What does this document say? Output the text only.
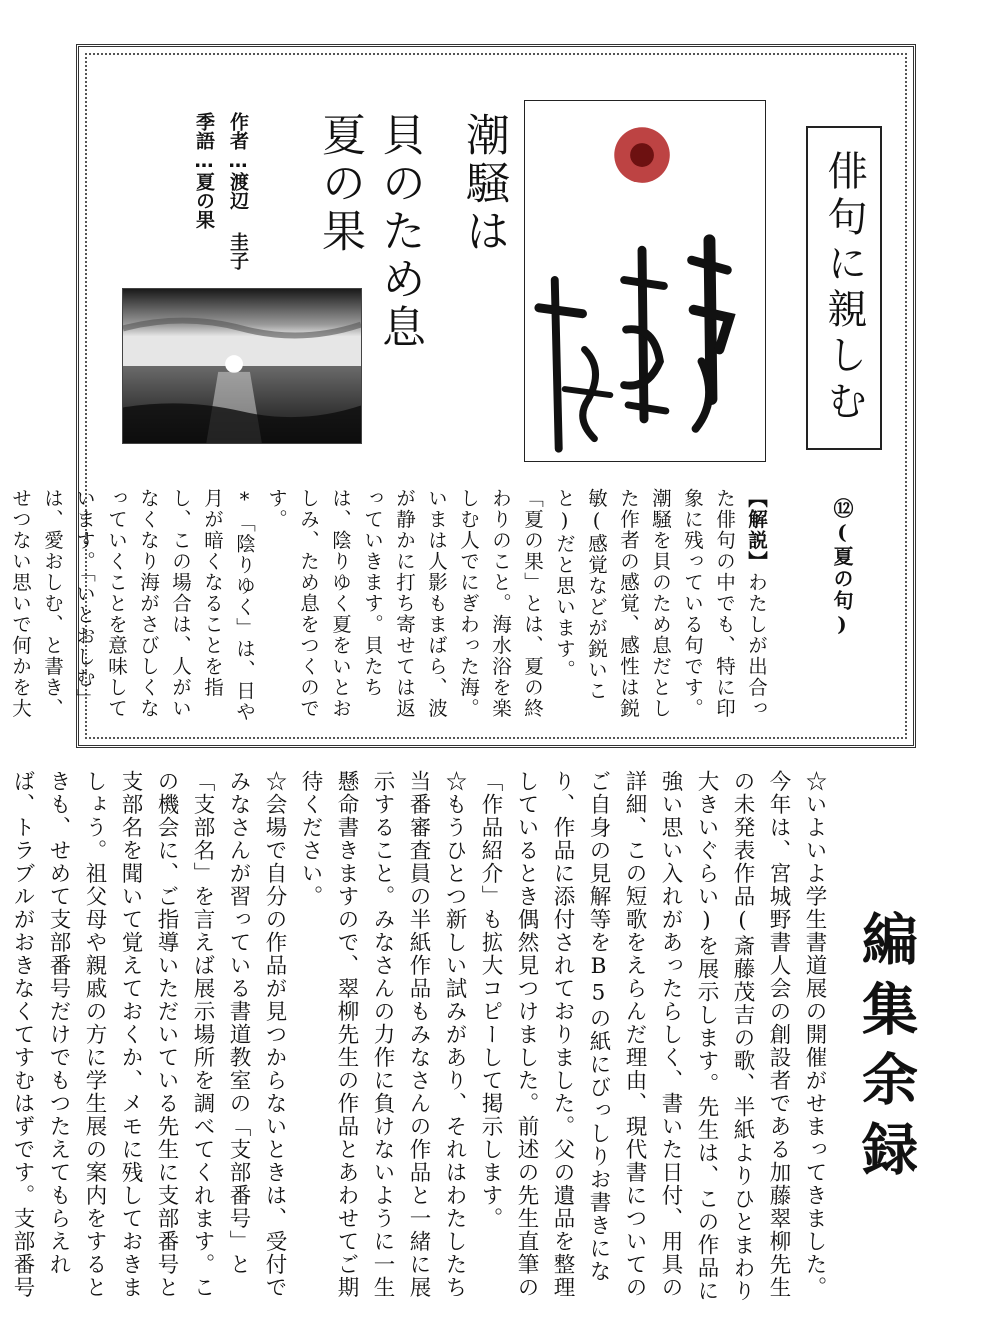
俳句に親しむ
⑫(夏の句)
潮騒は
貝のため息
夏の果
作者…渡辺 圭子
季語…夏の果

【解説】わたしが出合った俳句の中でも、特に印象に残っている句です。潮騒を貝のため息だとした作者の感覚、感性は鋭敏(感覚などが鋭いこと)だと思います。

「夏の果」とは、夏の終わりのこと。海水浴を楽しむ人でにぎわった海。いまは人影もまばら、波が静かに打ち寄せては返っていきます。貝たちは、陰りゆく夏をいとおしみ、ため息をつくのです。

*「陰りゆく」は、日や月が暗くなることを指し、この場合は、人がいなくなり海がさびしくなっていくことを意味しています。「いとおしむ」は、愛おしむ、と書き、せつない思いで何かを大

編集余録

☆いよいよ学生書道展の開催がせまってきました。今年は、宮城野書人会の創設者である加藤翠柳先生の未発表作品(斎藤茂吉の歌、半紙よりひとまわり大きいぐらい)を展示します。先生は、この作品に強い思い入れがあったらしく、書いた日付、用具の詳細、この短歌をえらんだ理由、現代書についてのご自身の見解等をB5の紙にびっしりお書きになり、作品に添付されておりました。父の遺品を整理しているとき偶然見つけました。前述の先生直筆の「作品紹介」も拡大コピーして掲示します。

☆もうひとつ新しい試みがあり、それはわたしたち当番審査員の半紙作品もみなさんの作品と一緒に展示すること。みなさんの力作に負けないように一生懸命書きますので、翠柳先生の作品とあわせてご期待ください。

☆会場で自分の作品が見つからないときは、受付でみなさんが習っている書道教室の「支部番号」と「支部名」を言えば展示場所を調べてくれます。この機会に、ご指導いただいている先生に支部番号と支部名を聞いて覚えておくか、メモに残しておきましょう。祖父母や親戚の方に学生展の案内をするときも、せめて支部番号だけでもつたえてもらえれば、トラブルがおきなくてすむはずです。支部番号
